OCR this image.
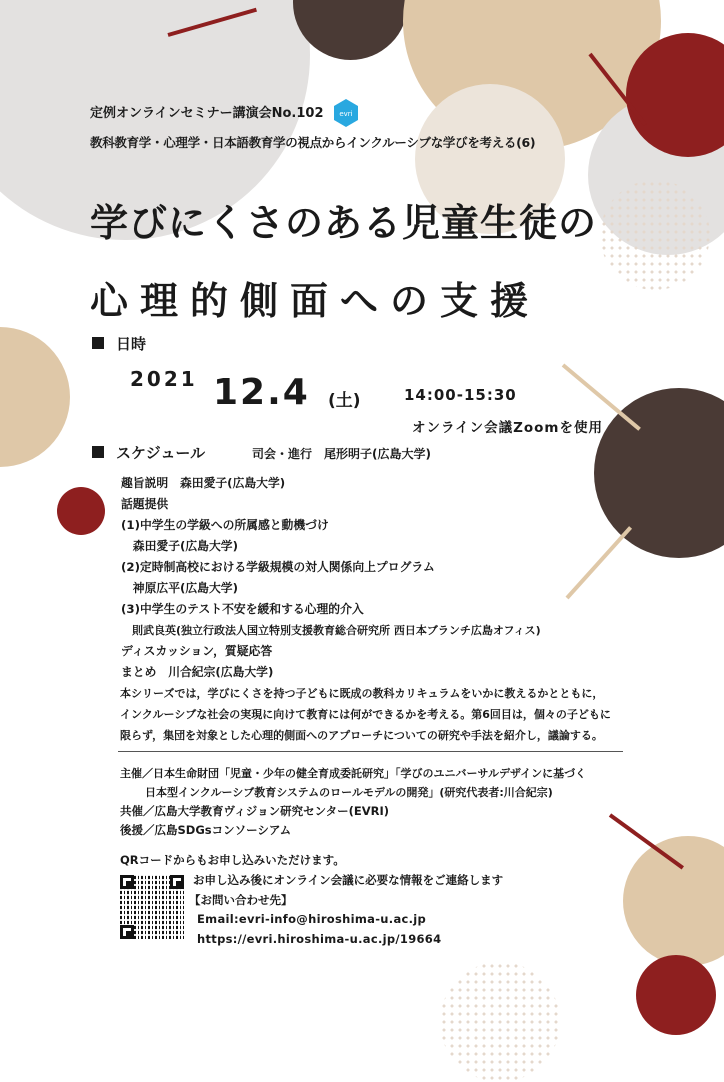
定例オンラインセミナー講演会No.102 evri
教科教育学・心理学・日本語教育学の視点からインクルーシブな学びを考える(6)
学びにくさのある児童生徒の
心理的側面への支援
日時
2021 12.4 (土)	14:00-15:30
オンライン会議Zoomを使用
スケジュール	司会・進行　尾形明子(広島大学)
趣旨説明　森田愛子(広島大学)
話題提供
(1)中学生の学級への所属感と動機づけ
　森田愛子(広島大学)
(2)定時制高校における学級規模の対人関係向上プログラム
　神原広平(広島大学)
(3)中学生のテスト不安を緩和する心理的介入
　則武良英(独立行政法人国立特別支援教育総合研究所 西日本ブランチ広島オフィス)
ディスカッション，質疑応答
まとめ　川合紀宗(広島大学)
本シリーズでは，学びにくさを持つ子どもに既成の教科カリキュラムをいかに教えるかとともに，
インクルーシブな社会の実現に向けて教育には何ができるかを考える。第6回目は，個々の子どもに
限らず，集団を対象とした心理的側面へのアプローチについての研究や手法を紹介し，議論する。
主催／日本生命財団「児童・少年の健全育成委託研究」「学びのユニバーサルデザインに基づく
日本型インクルーシブ教育システムのロールモデルの開発」(研究代表者:川合紀宗)
共催／広島大学教育ヴィジョン研究センター(EVRI)
後援／広島SDGsコンソーシアム
QRコードからもお申し込みいただけます。
お申し込み後にオンライン会議に必要な情報をご連絡します
【お問い合わせ先】
Email:evri-info@hiroshima-u.ac.jp
https://evri.hiroshima-u.ac.jp/19664
